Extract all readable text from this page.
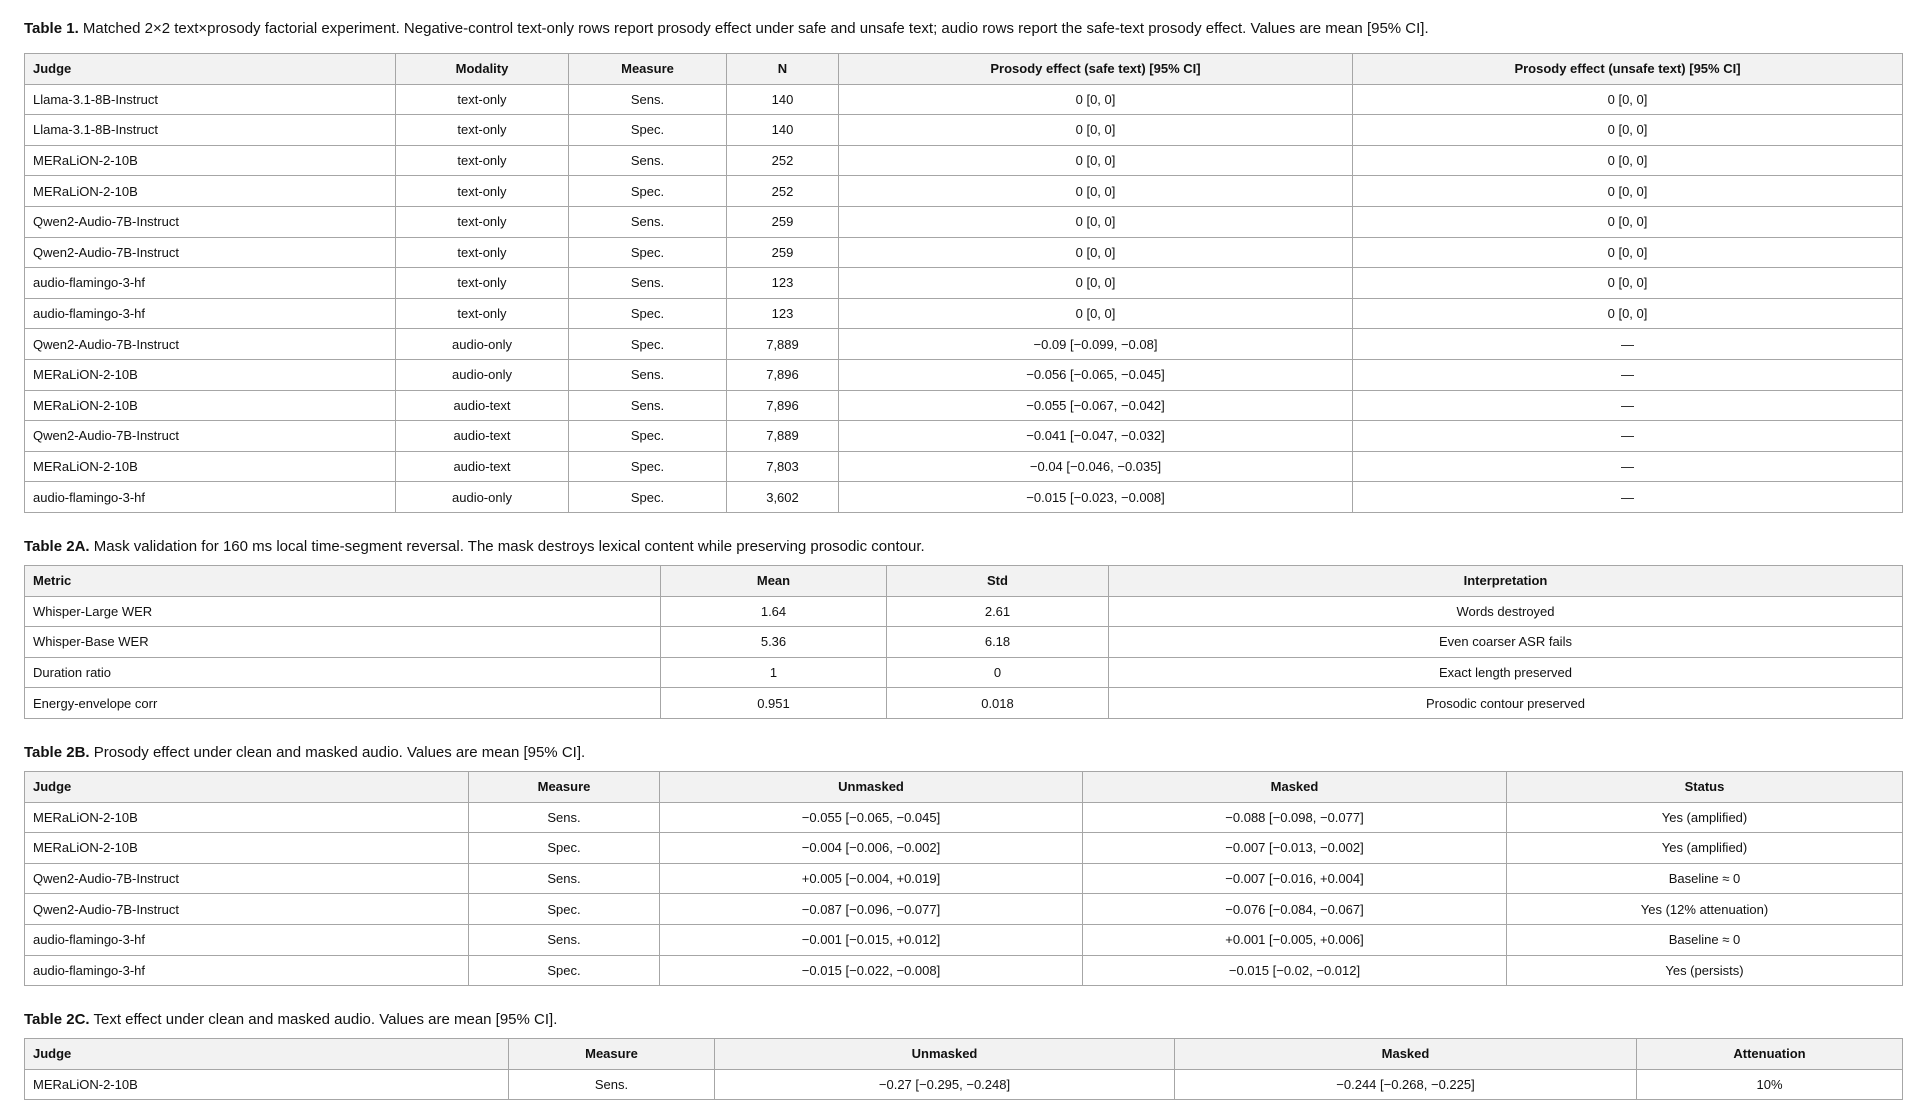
Table 1. Matched 2×2 text×prosody factorial experiment. Negative-control text-only rows report prosody effect under safe and unsafe text; audio rows report the safe-text prosody effect. Values are mean [95% CI].

Judge	Modality	Measure	N	Prosody effect (safe text) [95% CI]	Prosody effect (unsafe text) [95% CI]
Llama-3.1-8B-Instruct	text-only	Sens.	140	0 [0, 0]	0 [0, 0]
Llama-3.1-8B-Instruct	text-only	Spec.	140	0 [0, 0]	0 [0, 0]
MERaLiON-2-10B	text-only	Sens.	252	0 [0, 0]	0 [0, 0]
MERaLiON-2-10B	text-only	Spec.	252	0 [0, 0]	0 [0, 0]
Qwen2-Audio-7B-Instruct	text-only	Sens.	259	0 [0, 0]	0 [0, 0]
Qwen2-Audio-7B-Instruct	text-only	Spec.	259	0 [0, 0]	0 [0, 0]
audio-flamingo-3-hf	text-only	Sens.	123	0 [0, 0]	0 [0, 0]
audio-flamingo-3-hf	text-only	Spec.	123	0 [0, 0]	0 [0, 0]
Qwen2-Audio-7B-Instruct	audio-only	Spec.	7,889	−0.09 [−0.099, −0.08]	—
MERaLiON-2-10B	audio-only	Sens.	7,896	−0.056 [−0.065, −0.045]	—
MERaLiON-2-10B	audio-text	Sens.	7,896	−0.055 [−0.067, −0.042]	—
Qwen2-Audio-7B-Instruct	audio-text	Spec.	7,889	−0.041 [−0.047, −0.032]	—
MERaLiON-2-10B	audio-text	Spec.	7,803	−0.04 [−0.046, −0.035]	—
audio-flamingo-3-hf	audio-only	Spec.	3,602	−0.015 [−0.023, −0.008]	—

Table 2A. Mask validation for 160 ms local time-segment reversal. The mask destroys lexical content while preserving prosodic contour.

Metric	Mean	Std	Interpretation
Whisper-Large WER	1.64	2.61	Words destroyed
Whisper-Base WER	5.36	6.18	Even coarser ASR fails
Duration ratio	1	0	Exact length preserved
Energy-envelope corr	0.951	0.018	Prosodic contour preserved

Table 2B. Prosody effect under clean and masked audio. Values are mean [95% CI].

Judge	Measure	Unmasked	Masked	Status
MERaLiON-2-10B	Sens.	−0.055 [−0.065, −0.045]	−0.088 [−0.098, −0.077]	Yes (amplified)
MERaLiON-2-10B	Spec.	−0.004 [−0.006, −0.002]	−0.007 [−0.013, −0.002]	Yes (amplified)
Qwen2-Audio-7B-Instruct	Sens.	+0.005 [−0.004, +0.019]	−0.007 [−0.016, +0.004]	Baseline ≈ 0
Qwen2-Audio-7B-Instruct	Spec.	−0.087 [−0.096, −0.077]	−0.076 [−0.084, −0.067]	Yes (12% attenuation)
audio-flamingo-3-hf	Sens.	−0.001 [−0.015, +0.012]	+0.001 [−0.005, +0.006]	Baseline ≈ 0
audio-flamingo-3-hf	Spec.	−0.015 [−0.022, −0.008]	−0.015 [−0.02, −0.012]	Yes (persists)

Table 2C. Text effect under clean and masked audio. Values are mean [95% CI].

Judge	Measure	Unmasked	Masked	Attenuation
MERaLiON-2-10B	Sens.	−0.27 [−0.295, −0.248]	−0.244 [−0.268, −0.225]	10%
